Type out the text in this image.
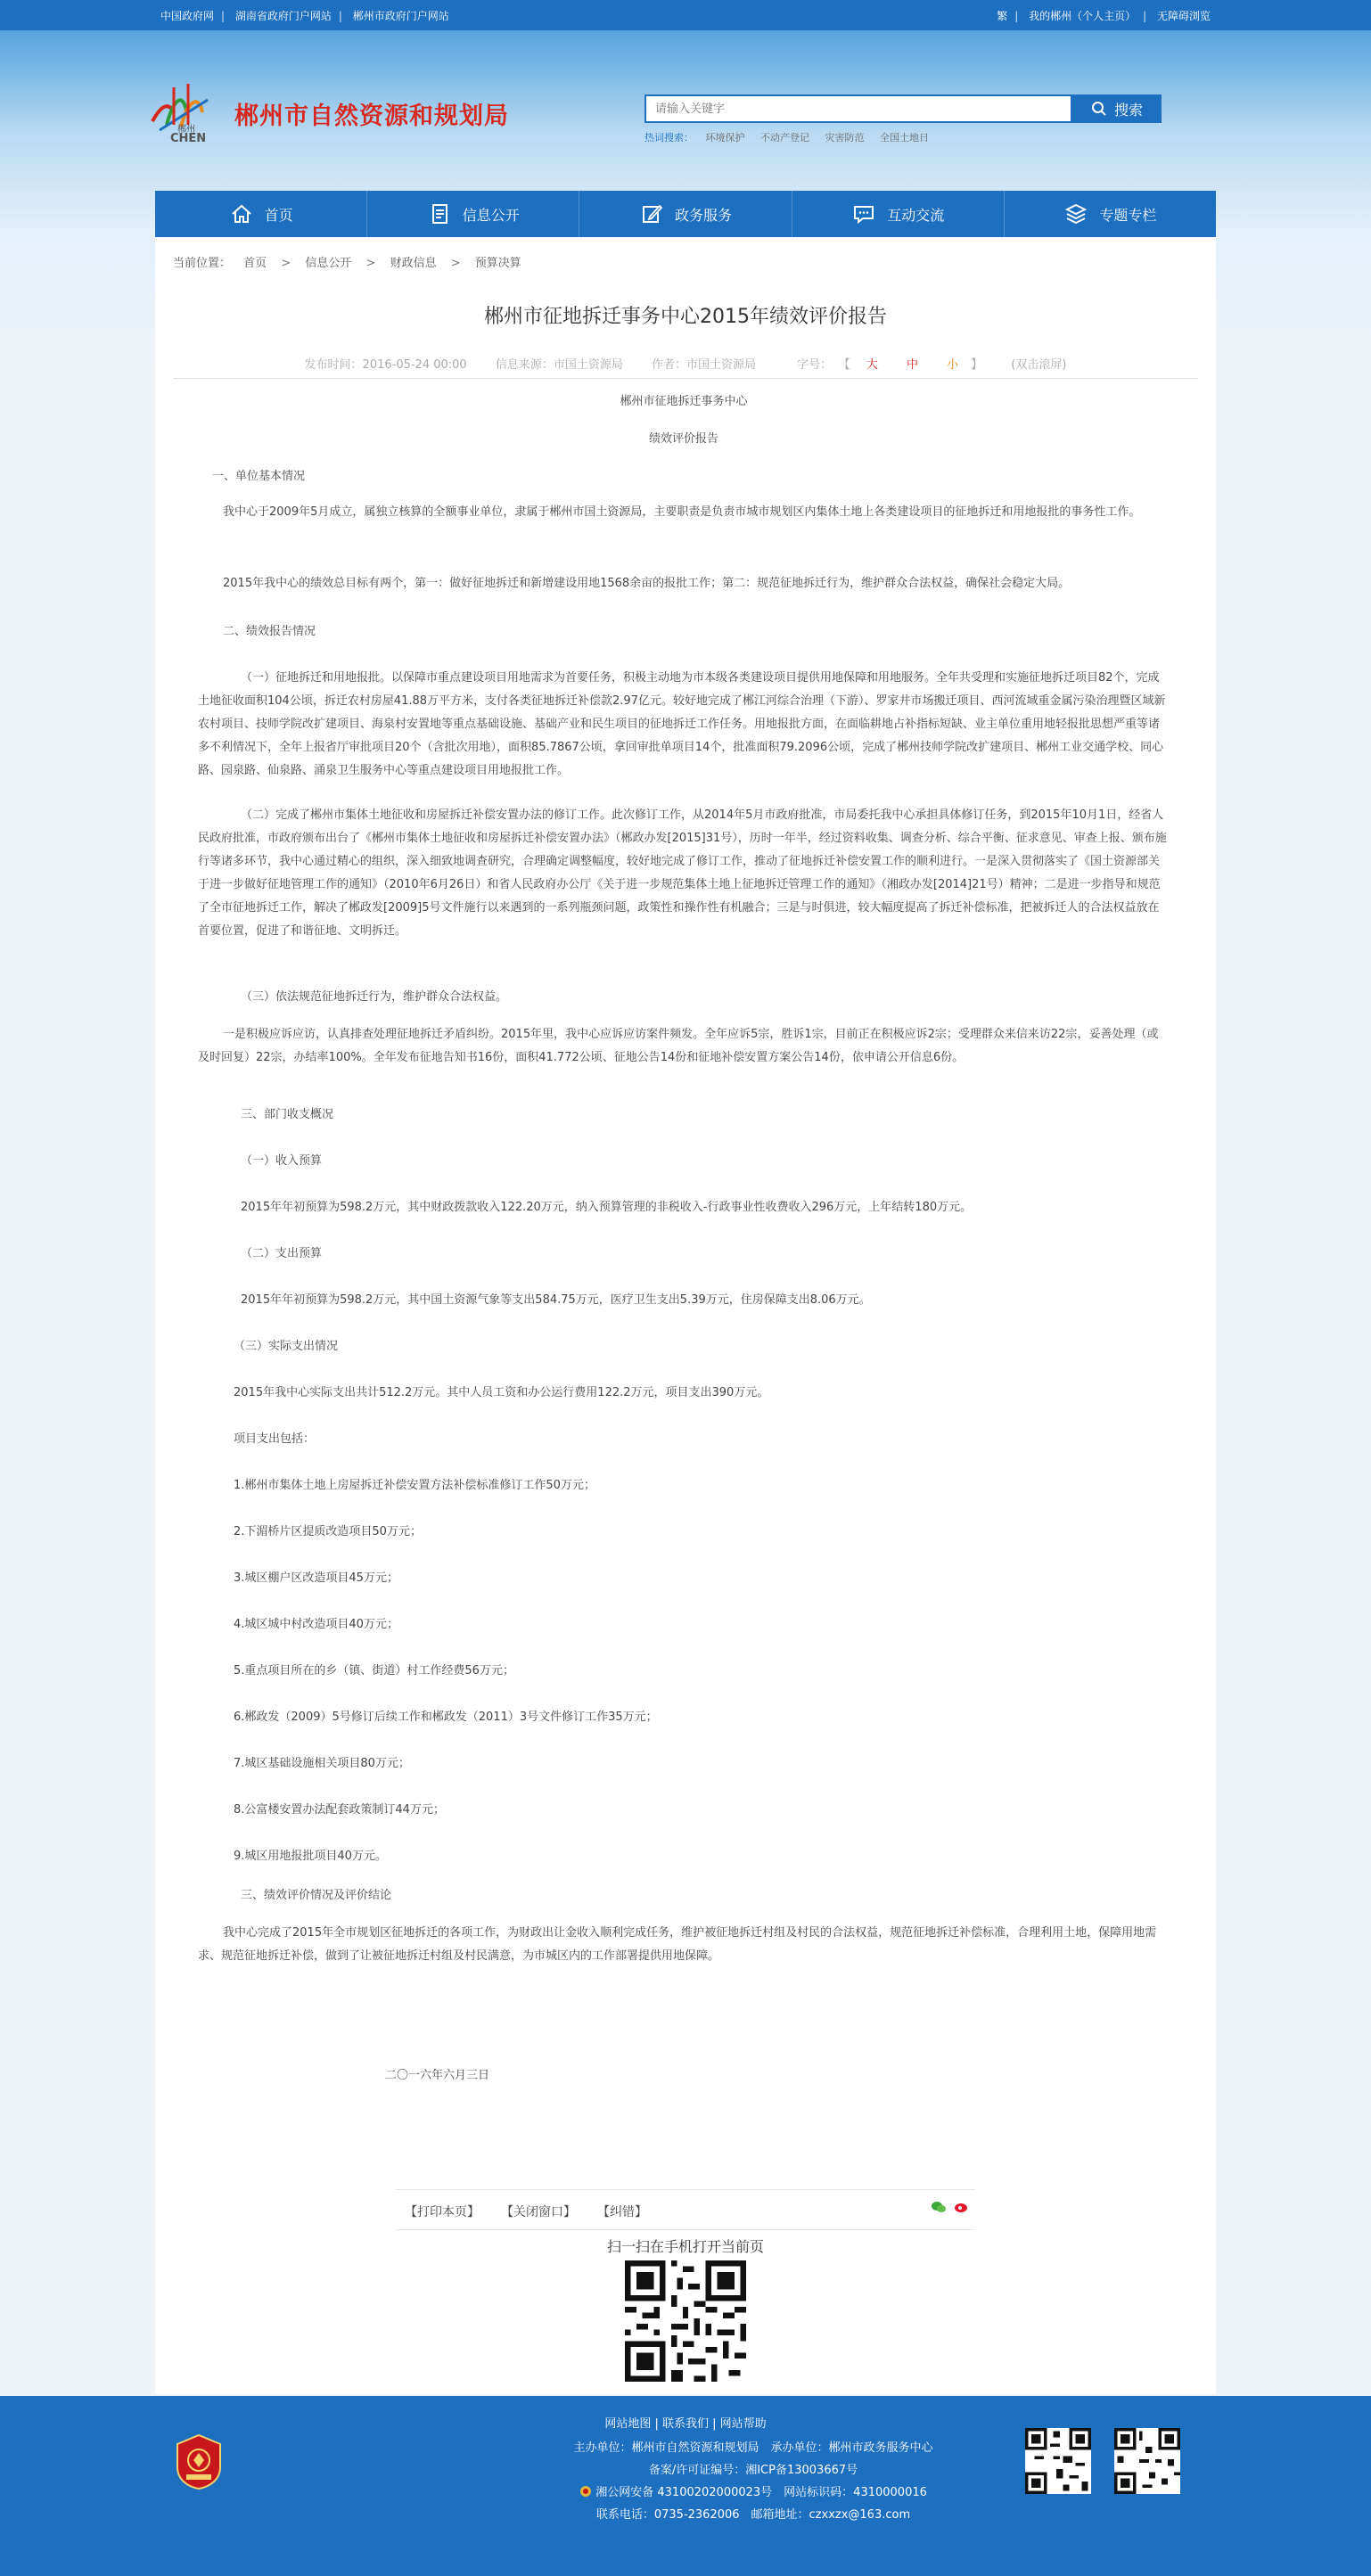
中国政府网 | 湖南省政府门户网站 | 郴州市政府门户网站	繁 | 我的郴州（个人主页） | 无障碍浏览
郴州
CHEN
郴州市自然资源和规划局
请输入关键字	搜索
热词搜索： 环境保护 不动产登记 灾害防范 全国土地日
首页	信息公开	政务服务	互动交流	专题专栏
当前位置： 首页 > 信息公开 > 财政信息 > 预算决算
郴州市征地拆迁事务中心2015年绩效评价报告
发布时间：2016-05-24 00:00 信息来源：市国土资源局 作者：市国土资源局	字号： 【 大 中 小 】 (双击滚屏)

郴州市征地拆迁事务中心

绩效评价报告

一、单位基本情况

我中心于2009年5月成立，属独立核算的全额事业单位，隶属于郴州市国土资源局，主要职责是负责市城市规划区内集体土地上各类建设项目的征地拆迁和用地报批的事务性工作。

2015年我中心的绩效总目标有两个，第一：做好征地拆迁和新增建设用地1568余亩的报批工作；第二：规范征地拆迁行为，维护群众合法权益，确保社会稳定大局。

二、绩效报告情况

（一）征地拆迁和用地报批。以保障市重点建设项目用地需求为首要任务，积极主动地为市本级各类建设项目提供用地保障和用地服务。全年共受理和实施征地拆迁项目82个，完成土地征收面积104公顷，拆迁农村房屋41.88万平方米，支付各类征地拆迁补偿款2.97亿元。较好地完成了郴江河综合治理（下游）、罗家井市场搬迁项目、西河流域重金属污染治理暨区域新农村项目、技师学院改扩建项目、海泉村安置地等重点基础设施、基础产业和民生项目的征地拆迁工作任务。用地报批方面，在面临耕地占补指标短缺、业主单位重用地轻报批思想严重等诸多不利情况下，全年上报省厅审批项目20个（含批次用地），面积85.7867公顷，拿回审批单项目14个，批准面积79.2096公顷，完成了郴州技师学院改扩建项目、郴州工业交通学校、同心路、园泉路、仙泉路、涌泉卫生服务中心等重点建设项目用地报批工作。

（二）完成了郴州市集体土地征收和房屋拆迁补偿安置办法的修订工作。此次修订工作，从2014年5月市政府批准，市局委托我中心承担具体修订任务，到2015年10月1日，经省人民政府批准，市政府颁布出台了《郴州市集体土地征收和房屋拆迁补偿安置办法》（郴政办发[2015]31号），历时一年半，经过资料收集、调查分析、综合平衡、征求意见、审查上报、颁布施行等诸多环节，我中心通过精心的组织，深入细致地调查研究，合理确定调整幅度，较好地完成了修订工作，推动了征地拆迁补偿安置工作的顺利进行。一是深入贯彻落实了《国土资源部关于进一步做好征地管理工作的通知》（2010年6月26日）和省人民政府办公厅《关于进一步规范集体土地上征地拆迁管理工作的通知》（湘政办发[2014]21号）精神；二是进一步指导和规范了全市征地拆迁工作，解决了郴政发[2009]5号文件施行以来遇到的一系列瓶颈问题，政策性和操作性有机融合；三是与时俱进，较大幅度提高了拆迁补偿标准，把被拆迁人的合法权益放在首要位置，促进了和谐征地、文明拆迁。

（三）依法规范征地拆迁行为，维护群众合法权益。

一是积极应诉应访，认真排查处理征地拆迁矛盾纠纷。2015年里，我中心应诉应访案件频发。全年应诉5宗，胜诉1宗，目前正在积极应诉2宗；受理群众来信来访22宗，妥善处理（或及时回复）22宗，办结率100%。全年发布征地告知书16份，面积41.772公顷、征地公告14份和征地补偿安置方案公告14份，依申请公开信息6份。

三、部门收支概况

（一）收入预算

2015年年初预算为598.2万元，其中财政拨款收入122.20万元，纳入预算管理的非税收入-行政事业性收费收入296万元，上年结转180万元。

（二）支出预算

2015年年初预算为598.2万元，其中国土资源气象等支出584.75万元，医疗卫生支出5.39万元，住房保障支出8.06万元。

（三）实际支出情况

2015年我中心实际支出共计512.2万元。其中人员工资和办公运行费用122.2万元，项目支出390万元。

项目支出包括：

1.郴州市集体土地上房屋拆迁补偿安置方法补偿标准修订工作50万元；

2.下湄桥片区提质改造项目50万元；

3.城区棚户区改造项目45万元；

4.城区城中村改造项目40万元；

5.重点项目所在的乡（镇、街道）村工作经费56万元；

6.郴政发（2009）5号修订后续工作和郴政发（2011）3号文件修订工作35万元；

7.城区基础设施相关项目80万元；

8.公富楼安置办法配套政策制订44万元；

9.城区用地报批项目40万元。

三、绩效评价情况及评价结论

我中心完成了2015年全市规划区征地拆迁的各项工作，为财政出让金收入顺利完成任务，维护被征地拆迁村组及村民的合法权益，规范征地拆迁补偿标准，合理利用土地，保障用地需求、规范征地拆迁补偿，做到了让被征地拆迁村组及村民满意，为市城区内的工作部署提供用地保障。

二〇一六年六月三日

【打印本页】 【关闭窗口】 【纠错】
扫一扫在手机打开当前页
网站地图 | 联系我们 | 网站帮助
主办单位：郴州市自然资源和规划局　承办单位：郴州市政务服务中心
备案/许可证编号：湘ICP备13003667号
湘公网安备 43100202000023号　网站标识码：4310000016
联系电话：0735-2362006　邮箱地址：czxxzx@163.com
